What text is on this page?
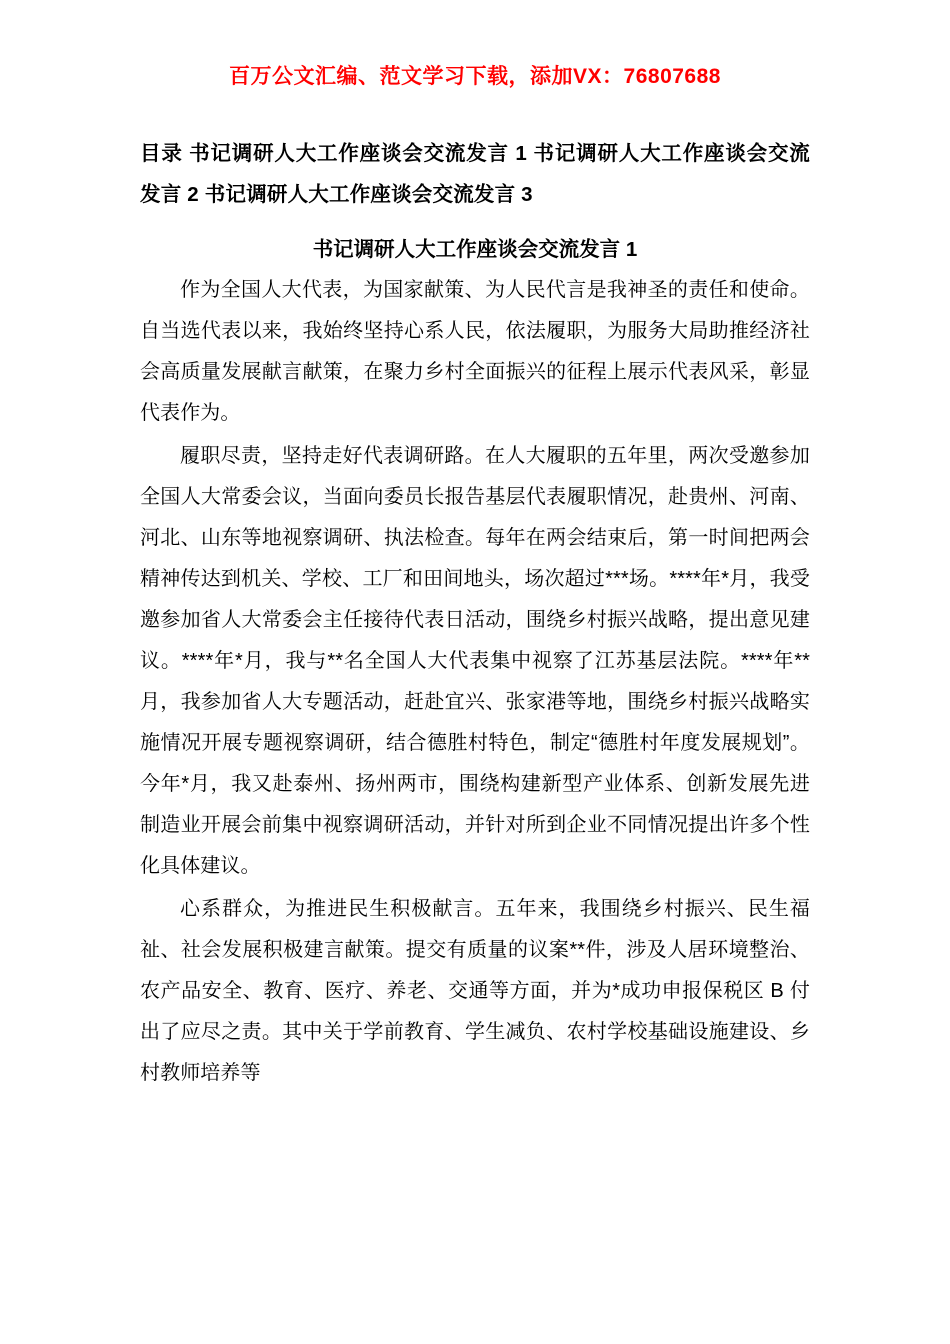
百万公文汇编、范文学习下载，添加VX：76807688
目录 书记调研人大工作座谈会交流发言 1 书记调研人大工作座谈会交流发言 2 书记调研人大工作座谈会交流发言 3
书记调研人大工作座谈会交流发言 1

作为全国人大代表，为国家献策、为人民代言是我神圣的责任和使命。自当选代表以来，我始终坚持心系人民，依法履职，为服务大局助推经济社会高质量发展献言献策，在聚力乡村全面振兴的征程上展示代表风采，彰显代表作为。

履职尽责，坚持走好代表调研路。在人大履职的五年里，两次受邀参加全国人大常委会议，当面向委员长报告基层代表履职情况，赴贵州、河南、河北、山东等地视察调研、执法检查。每年在两会结束后，第一时间把两会精神传达到机关、学校、工厂和田间地头，场次超过***场。****年*月，我受邀参加省人大常委会主任接待代表日活动，围绕乡村振兴战略，提出意见建议。****年*月，我与**名全国人大代表集中视察了江苏基层法院。****年**月，我参加省人大专题活动，赶赴宜兴、张家港等地，围绕乡村振兴战略实施情况开展专题视察调研，结合德胜村特色，制定“德胜村年度发展规划”。今年*月，我又赴泰州、扬州两市，围绕构建新型产业体系、创新发展先进制造业开展会前集中视察调研活动，并针对所到企业不同情况提出许多个性化具体建议。

心系群众，为推进民生积极献言。五年来，我围绕乡村振兴、民生福祉、社会发展积极建言献策。提交有质量的议案**件，涉及人居环境整治、农产品安全、教育、医疗、养老、交通等方面，并为*成功申报保税区 B 付出了应尽之责。其中关于学前教育、学生减负、农村学校基础设施建设、乡村教师培养等
